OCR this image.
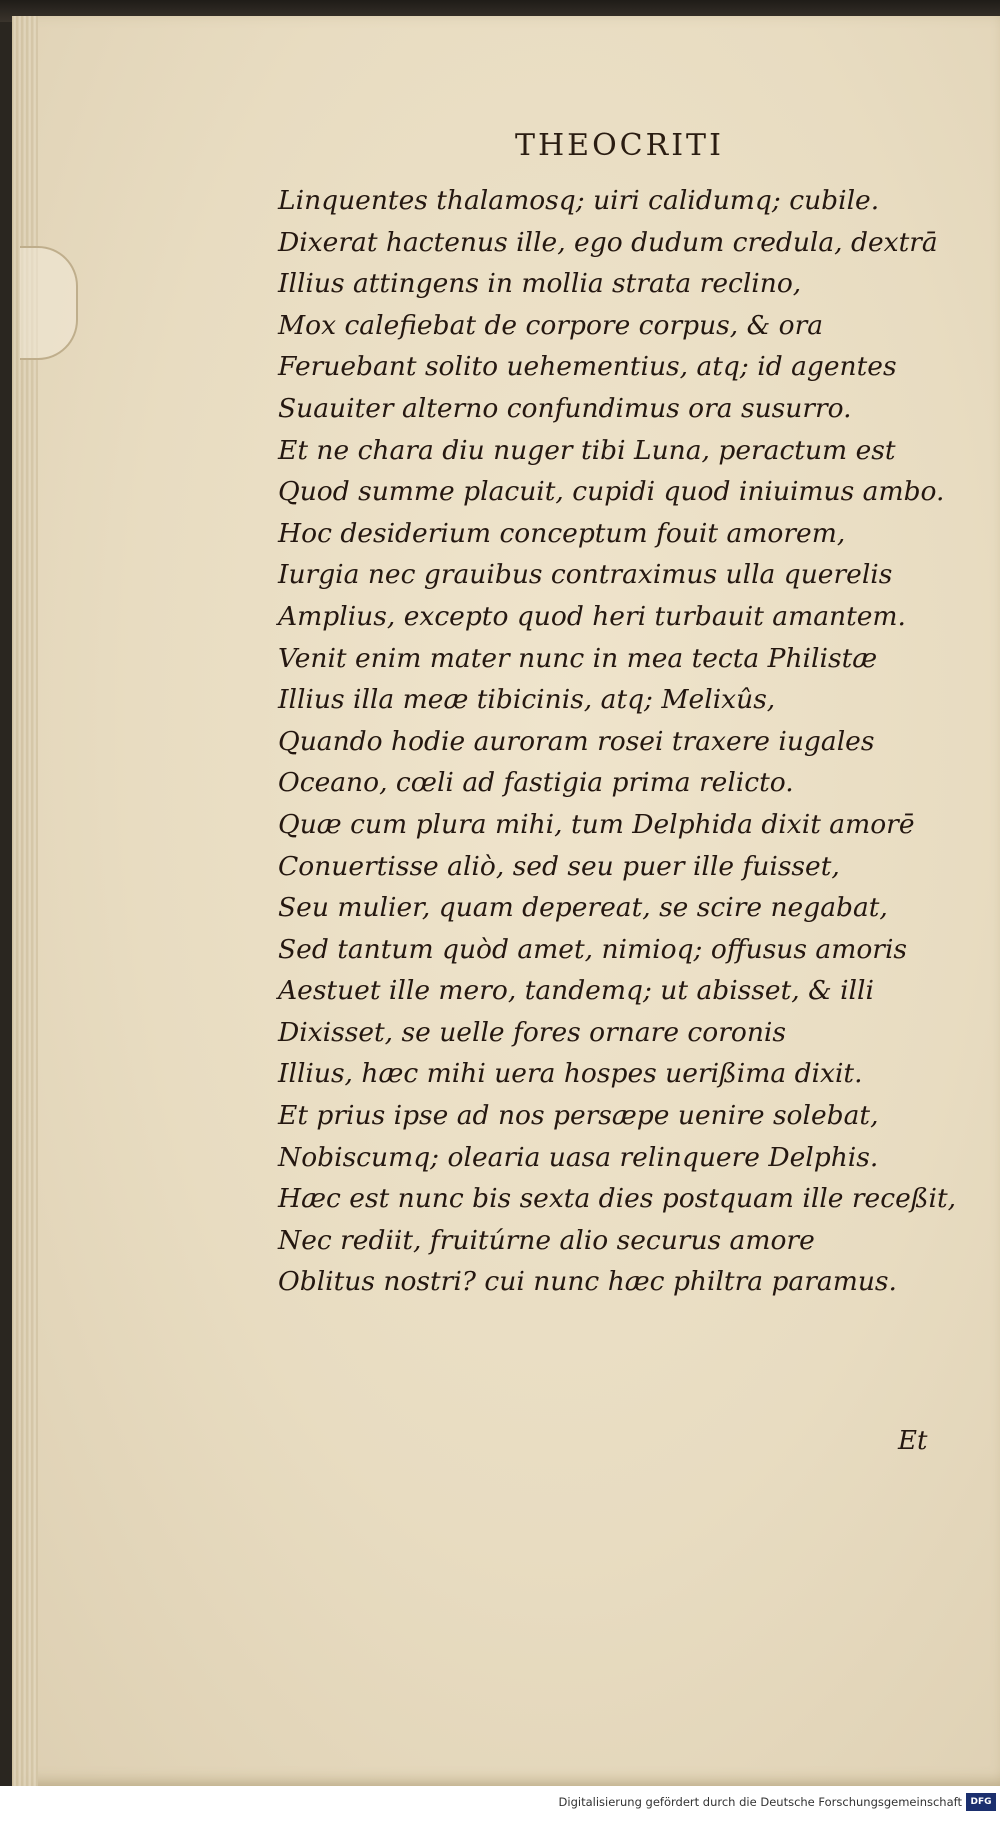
THEOCRITI
Linquentes thalamosq; uiri calidumq; cubile.
Dixerat hactenus ille, ego dudum credula, dextrā
Illius attingens in mollia strata reclino,
Mox calefiebat de corpore corpus, & ora
Feruebant solito uehementius, atq; id agentes
Suauiter alterno confundimus ora susurro.
Et ne chara diu nuger tibi Luna, peractum est
Quod summe placuit, cupidi quod iniuimus ambo.
Hoc desiderium conceptum fouit amorem,
Iurgia nec grauibus contraximus ulla querelis
Amplius, excepto quod heri turbauit amantem.
Venit enim mater nunc in mea tecta Philistæ
Illius illa meæ tibicinis, atq; Melixûs,
Quando hodie auroram rosei traxere iugales
Oceano, cœli ad fastigia prima relicto.
Quæ cum plura mihi, tum Delphida dixit amorē
Conuertisse aliò, sed seu puer ille fuisset,
Seu mulier, quam depereat, se scire negabat,
Sed tantum quòd amet, nimioq; offusus amoris
Aestuet ille mero, tandemq; ut abisset, & illi
Dixisset, se uelle fores ornare coronis
Illius, hæc mihi uera hospes uerißima dixit.
Et prius ipse ad nos persæpe uenire solebat,
Nobiscumq; olearia uasa relinquere Delphis.
Hæc est nunc bis sexta dies postquam ille receßit,
Nec rediit, fruitúrne alio securus amore
Oblitus nostri? cui nunc hæc philtra paramus.
Et
Digitalisierung gefördert durch die Deutsche Forschungsgemeinschaft DFG
